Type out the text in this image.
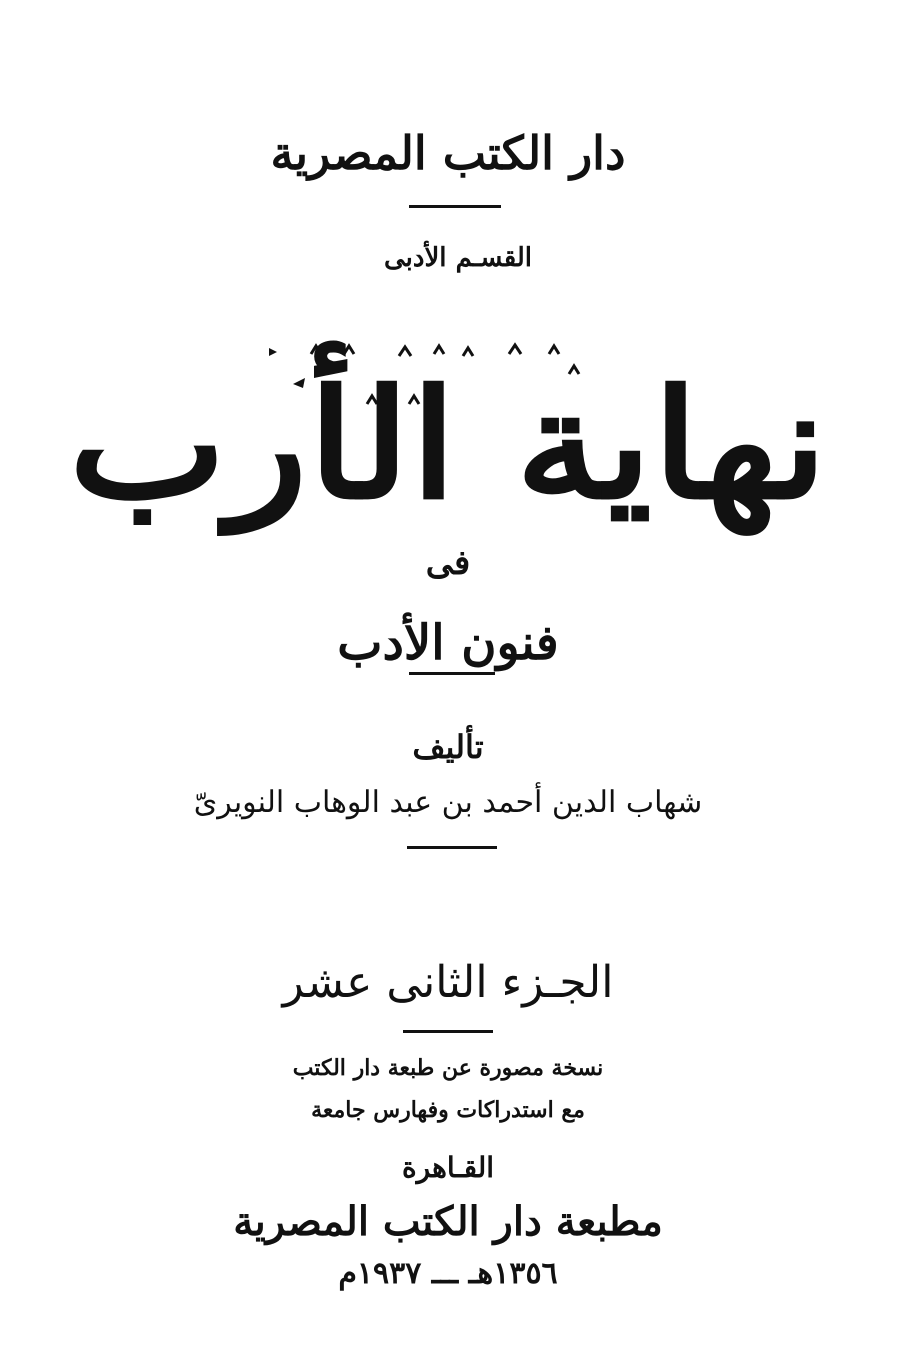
دار الكتب المصرية
القسـم الأدبى
نهاية الأرب
فى
فنون الأدب
تأليف
شهاب الدين أحمد بن عبد الوهاب النويرىّ
الجـزء الثانى عشر
نسخة مصورة عن طبعة دار الكتب
مع استدراكات وفهارس جامعة
القـاهرة
مطبعة دار الكتب المصرية
١٣٥٦هـ ـــ ١٩٣٧م
